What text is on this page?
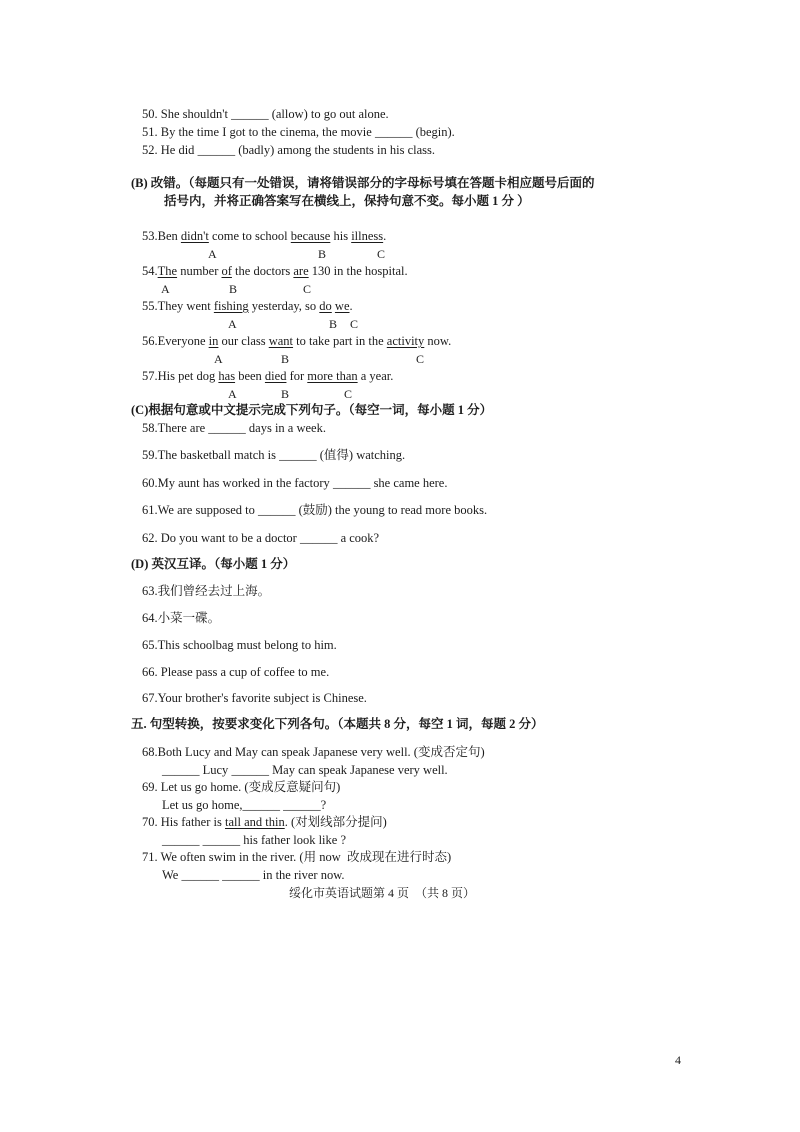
50. She shouldn't ______ (allow) to go out alone.
51. By the time I got to the cinema, the movie ______ (begin).
52. He did ______ (badly) among the students in his class.
(B) 改错。（每题只有一处错误，请将错误部分的字母标号填在答题卡相应题号后面的
括号内，并将正确答案写在横线上，保持句意不变。每小题 1 分 ）
53.Ben didn't come to school because his illness.
A	B	C
54.The number of the doctors are 130 in the hospital.
A	B	C
55.They went fishing yesterday, so do we.
A	B C
56.Everyone in our class want to take part in the activity now.
A	B	C
57.His pet dog has been died for more than a year.
A	B	C
(C)根据句意或中文提示完成下列句子。（每空一词，每小题 1 分）
58.There are ______ days in a week.
59.The basketball match is ______ (值得) watching.
60.My aunt has worked in the factory ______ she came here.
61.We are supposed to ______ (鼓励) the young to read more books.
62. Do you want to be a doctor ______ a cook?
(D) 英汉互译。（每小题 1 分）
63.我们曾经去过上海。
64.小菜一碟。
65.This schoolbag must belong to him.
66. Please pass a cup of coffee to me.
67.Your brother's favorite subject is Chinese.
五. 句型转换，按要求变化下列各句。（本题共 8 分，每空 1 词，每题 2 分）
68.Both Lucy and May can speak Japanese very well. (变成否定句)
______ Lucy ______ May can speak Japanese very well.
69. Let us go home. (变成反意疑问句)
Let us go home,______ ______?
70. His father is tall and thin. (对划线部分提问)
______ ______ his father look like ?
71. We often swim in the river. (用 now  改成现在进行时态)
We ______ ______ in the river now.
绥化市英语试题第 4 页  （共 8 页）
4
